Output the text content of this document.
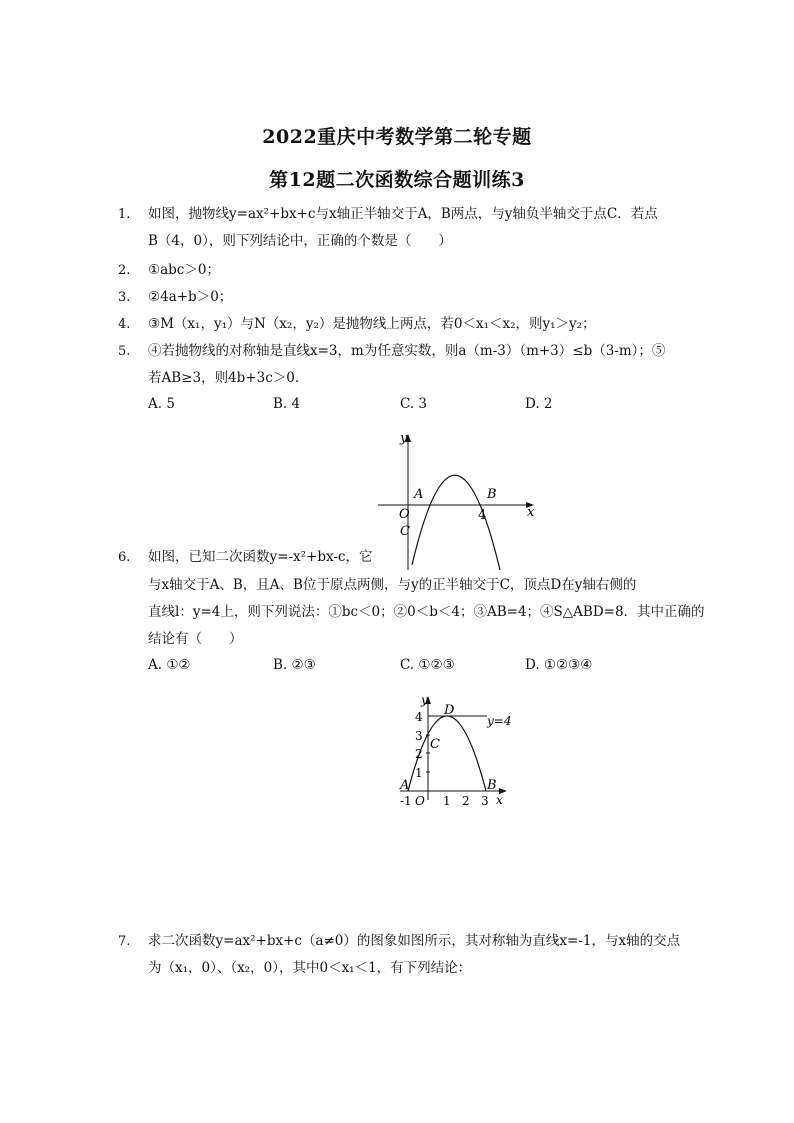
2022重庆中考数学第二轮专题
第12题二次函数综合题训练3
1.	如图，抛物线y=ax²+bx+c与x轴正半轴交于A，B两点，与y轴负半轴交于点C．若点
B（4，0），则下列结论中，正确的个数是（　　）
2.	①abc＞0；
3.	②4a+b＞0；
4.	③M（x₁，y₁）与N（x₂，y₂）是抛物线上两点，若0＜x₁＜x₂，则y₁＞y₂；
5.	④若抛物线的对称轴是直线x=3，m为任意实数，则a（m-3）（m+3）≤b（3-m）；⑤
若AB≥3，则4b+3c＞0．
A. 5	B. 4	C. 3	D. 2
y
x
A	B
O
C
4
6.	如图，已知二次函数y=-x²+bx-c，它
与x轴交于A、B，且A、B位于原点两侧，与y的正半轴交于C，顶点D在y轴右侧的
直线l：y=4上，则下列说法：①bc＜0；②0＜b＜4；③AB=4；④S△ABD=8．其中正确的
结论有（　　）
A. ①②	B. ②③	C. ①②③	D. ①②③④
y
x
D
y=4
C
A	B
4
3
2
1
-1 O 1 2 3
7.	求二次函数y=ax²+bx+c（a≠0）的图象如图所示，其对称轴为直线x=-1，与x轴的交点
为（x₁，0）、（x₂，0），其中0＜x₁＜1，有下列结论：
